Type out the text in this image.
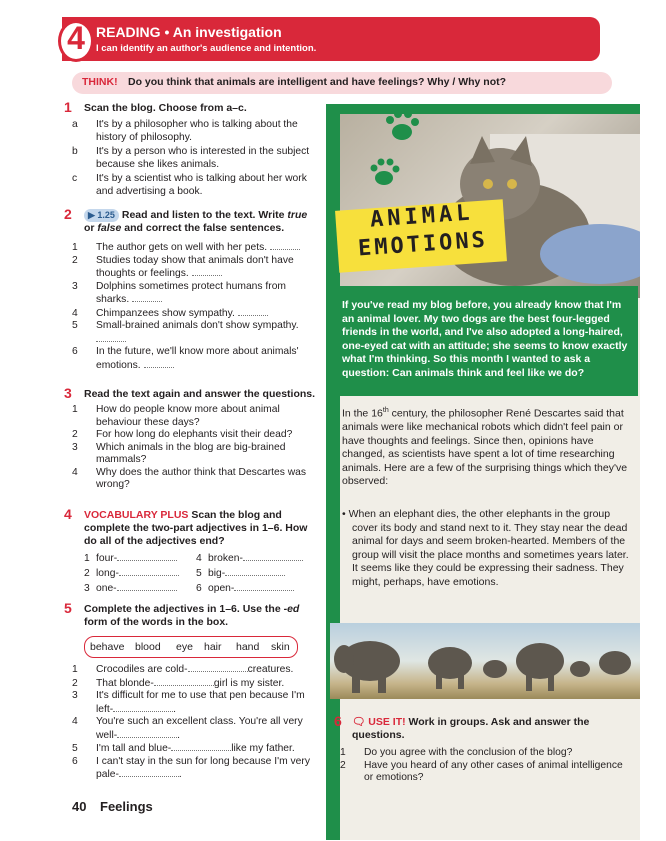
4 READING • An investigation
I can identify an author's audience and intention.
THINK! Do you think that animals are intelligent and have feelings? Why / Why not?
1 Scan the blog. Choose from a–c.
a It's by a philosopher who is talking about the history of philosophy.
b It's by a person who is interested in the subject because she likes animals.
c It's by a scientist who is talking about her work and advertising a book.
2	▶ 1.25 Read and listen to the text. Write true or false and correct the false sentences.
1 The author gets on well with her pets.
2 Studies today show that animals don't have thoughts or feelings.
3 Dolphins sometimes protect humans from sharks.
4 Chimpanzees show sympathy.
5 Small-brained animals don't show sympathy.
6 In the future, we'll know more about animals' emotions.
3 Read the text again and answer the questions.
1 How do people know more about animal behaviour these days?
2 For how long do elephants visit their dead?
3 Which animals in the blog are big-brained mammals?
4 Why does the author think that Descartes was wrong?
4 VOCABULARY PLUS Scan the blog and complete the two-part adjectives in 1–6. How do all of the adjectives end?
1 four-	4 broken-
2 long-	5 big-
3 one-	6 open-
5 Complete the adjectives in 1–6. Use the -ed form of the words in the box.
behave blood eye hair hand skin
1 Crocodiles are cold-	creatures.
2 That blonde-	girl is my sister.
3 It's difficult for me to use that pen because I'm left-	.
4 You're such an excellent class. You're all very well-	.
5 I'm tall and blue-	like my father.
6 I can't stay in the sun for long because I'm very pale-	.
ANIMAL
EMOTIONS
If you've read my blog before, you already know that I'm an animal lover. My two dogs are the best four-legged friends in the world, and I've also adopted a long-haired, one-eyed cat with an attitude; she seems to know exactly what I'm thinking. So this month I wanted to ask a question: Can animals think and feel like we do?
In the 16th century, the philosopher René Descartes said that animals were like mechanical robots which didn't feel pain or have thoughts and feelings. Since then, opinions have changed, as scientists have spent a lot of time researching animals. Here are a few of the surprising things which they've observed:
• When an elephant dies, the other elephants in the group cover its body and stand next to it. They stay near the dead animal for days and seem broken-hearted. Members of the group will visit the place months and sometimes years later. It seems like they could be expressing their sadness. They might, perhaps, have emotions.
6 🗨 USE IT! Work in groups. Ask and answer the questions.
1 Do you agree with the conclusion of the blog?
2 Have you heard of any other cases of animal intelligence or emotions?
40 Feelings
